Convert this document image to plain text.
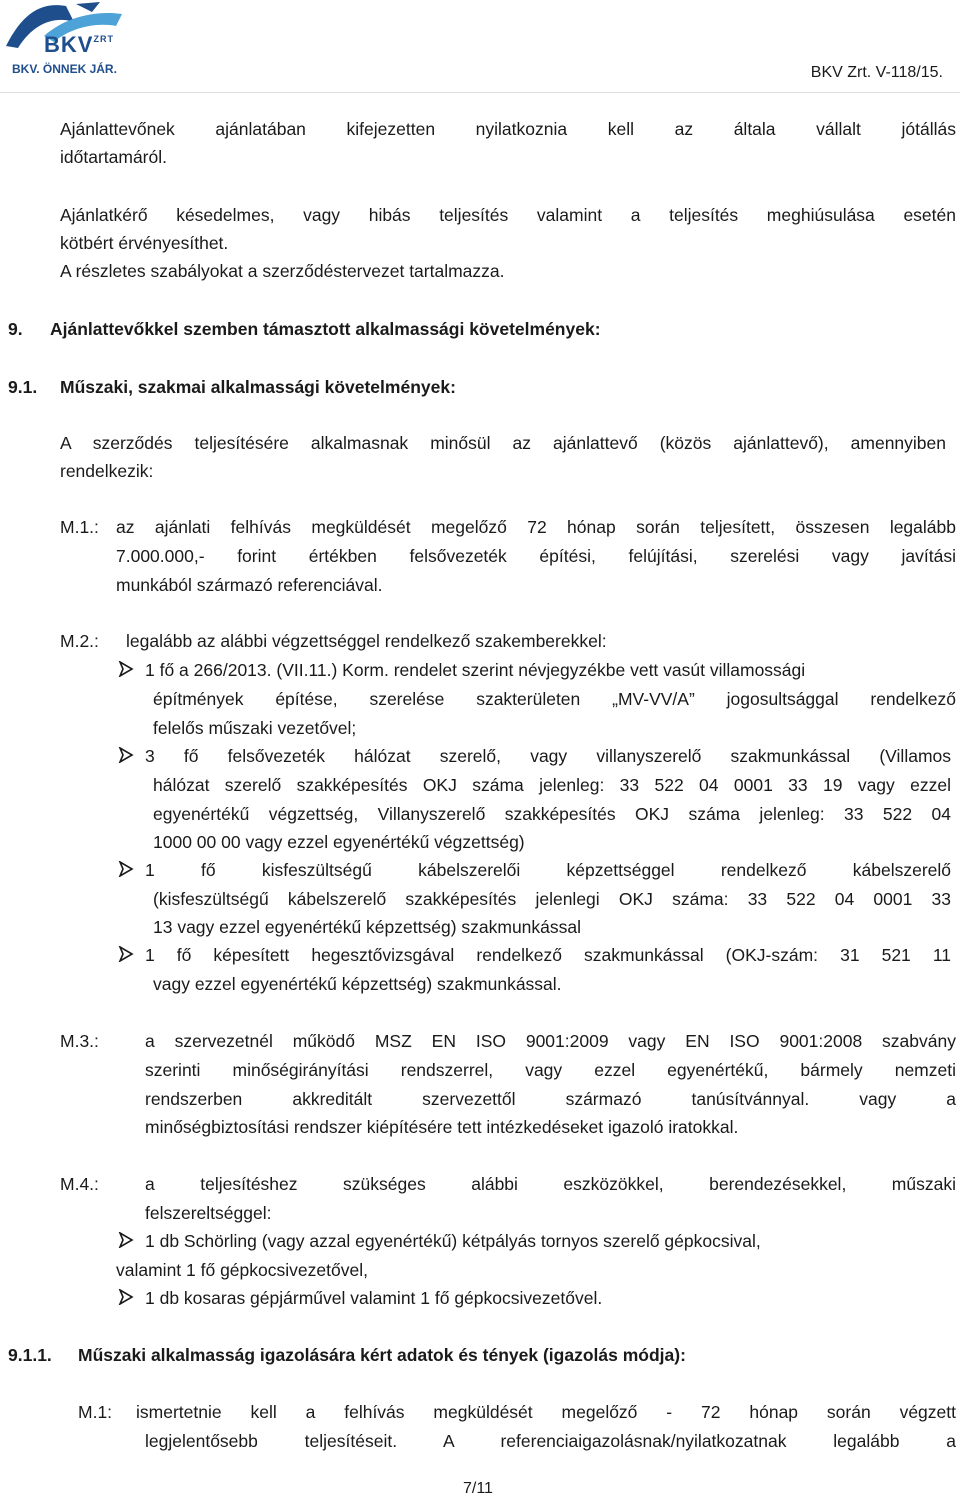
$BKV^{ZRT}$
BKV. ÖNNEK JÁR.	BKV Zrt. V-118/15.
Ajánlattevőnek ajánlatában kifejezetten nyilatkoznia kell az általa vállalt jótállás
időtartamáról.
Ajánlatkérő késedelmes, vagy hibás teljesítés valamint a teljesítés meghiúsulása esetén
kötbért érvényesíthet.
A részletes szabályokat a szerződéstervezet tartalmazza.
9. Ajánlattevőkkel szemben támasztott alkalmassági követelmények:
9.1. Műszaki, szakmai alkalmassági követelmények:
A szerződés teljesítésére alkalmasnak minősül az ajánlattevő (közös ajánlattevő), amennyiben
rendelkezik:
M.1.: az ajánlati felhívás megküldését megelőző 72 hónap során teljesített, összesen legalább
7.000.000,- forint értékben felsővezeték építési, felújítási, szerelési vagy javítási
munkából származó referenciával.
M.2.: legalább az alábbi végzettséggel rendelkező szakemberekkel:
1 fő a 266/2013. (VII.11.) Korm. rendelet szerint névjegyzékbe vett vasút villamossági
építmények építése, szerelése szakterületen „MV-VV/A” jogosultsággal rendelkező
felelős műszaki vezetővel;
3 fő felsővezeték hálózat szerelő, vagy villanyszerelő szakmunkással (Villamos
hálózat szerelő szakképesítés OKJ száma jelenleg: 33 522 04 0001 33 19 vagy ezzel
egyenértékű végzettség, Villanyszerelő szakképesítés OKJ száma jelenleg: 33 522 04
1000 00 00 vagy ezzel egyenértékű végzettség)
1 fő kisfeszültségű kábelszerelői képzettséggel rendelkező kábelszerelő
(kisfeszültségű kábelszerelő szakképesítés jelenlegi OKJ száma: 33 522 04 0001 33
13 vagy ezzel egyenértékű képzettség) szakmunkással
1 fő képesített hegesztővizsgával rendelkező szakmunkással (OKJ-szám: 31 521 11
vagy ezzel egyenértékű képzettség) szakmunkással.
M.3.:	a szervezetnél működő MSZ EN ISO 9001:2009 vagy EN ISO 9001:2008 szabvány
szerinti minőségirányítási rendszerrel, vagy ezzel egyenértékű, bármely nemzeti
rendszerben akkreditált szervezettől származó tanúsítvánnyal. vagy a
minőségbiztosítási rendszer kiépítésére tett intézkedéseket igazoló iratokkal.
M.4.:	a teljesítéshez szükséges alábbi eszközökkel, berendezésekkel, műszaki
felszereltséggel:
1 db Schörling (vagy azzal egyenértékű) kétpályás tornyos szerelő gépkocsival,
valamint 1 fő gépkocsivezetővel,
1 db kosaras gépjárművel valamint 1 fő gépkocsivezetővel.
9.1.1. Műszaki alkalmasság igazolására kért adatok és tények (igazolás módja):
M.1: ismertetnie kell a felhívás megküldését megelőző - 72 hónap során végzett
legjelentősebb teljesítéseit. A referenciaigazolásnak/nyilatkozatnak legalább a
7/11
